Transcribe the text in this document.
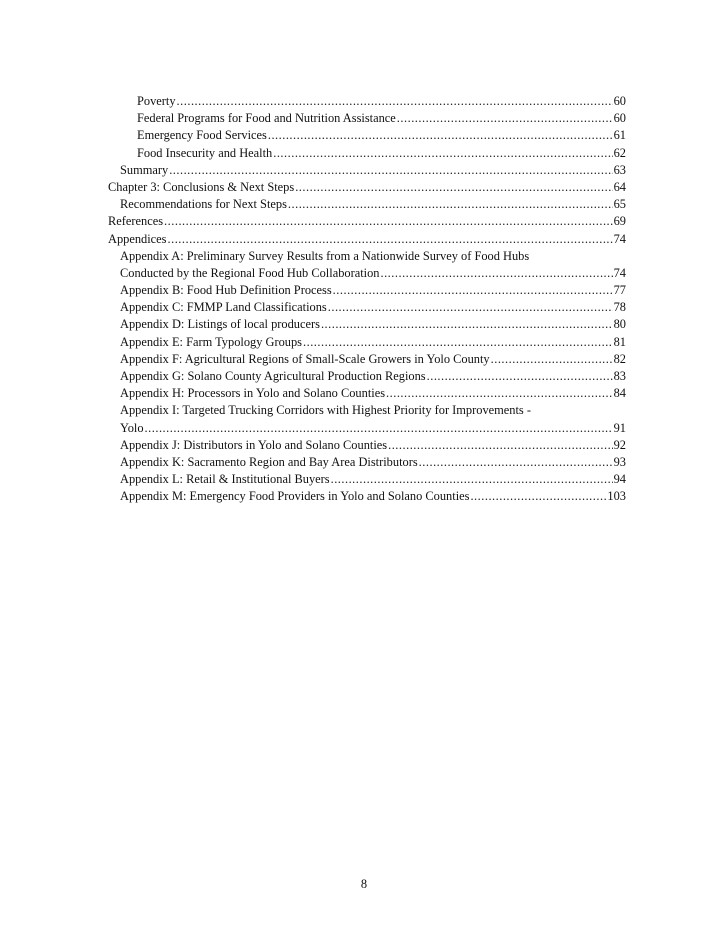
Poverty .....	60
Federal Programs for Food and Nutrition Assistance .....	60
Emergency Food Services .....	61
Food Insecurity and Health .....	62
Summary .....	63
Chapter 3: Conclusions & Next Steps .....	64
Recommendations for Next Steps .....	65
References .....	69
Appendices .....	74
Appendix A: Preliminary Survey Results from a Nationwide Survey of Food Hubs
Conducted by the Regional Food Hub Collaboration .....	74
Appendix B: Food Hub Definition Process .....	77
Appendix C: FMMP Land Classifications .....	78
Appendix D: Listings of local producers .....	80
Appendix E: Farm Typology Groups .....	81
Appendix F: Agricultural Regions of Small-Scale Growers in Yolo County .....	82
Appendix G: Solano County Agricultural Production Regions .....	83
Appendix H: Processors in Yolo and Solano Counties .....	84
Appendix I: Targeted Trucking Corridors with Highest Priority for Improvements -
Yolo .....	91
Appendix J: Distributors in Yolo and Solano Counties .....	92
Appendix K: Sacramento Region and Bay Area Distributors .....	93
Appendix L: Retail & Institutional Buyers .....	94
Appendix M: Emergency Food Providers in Yolo and Solano Counties .....	103
8
